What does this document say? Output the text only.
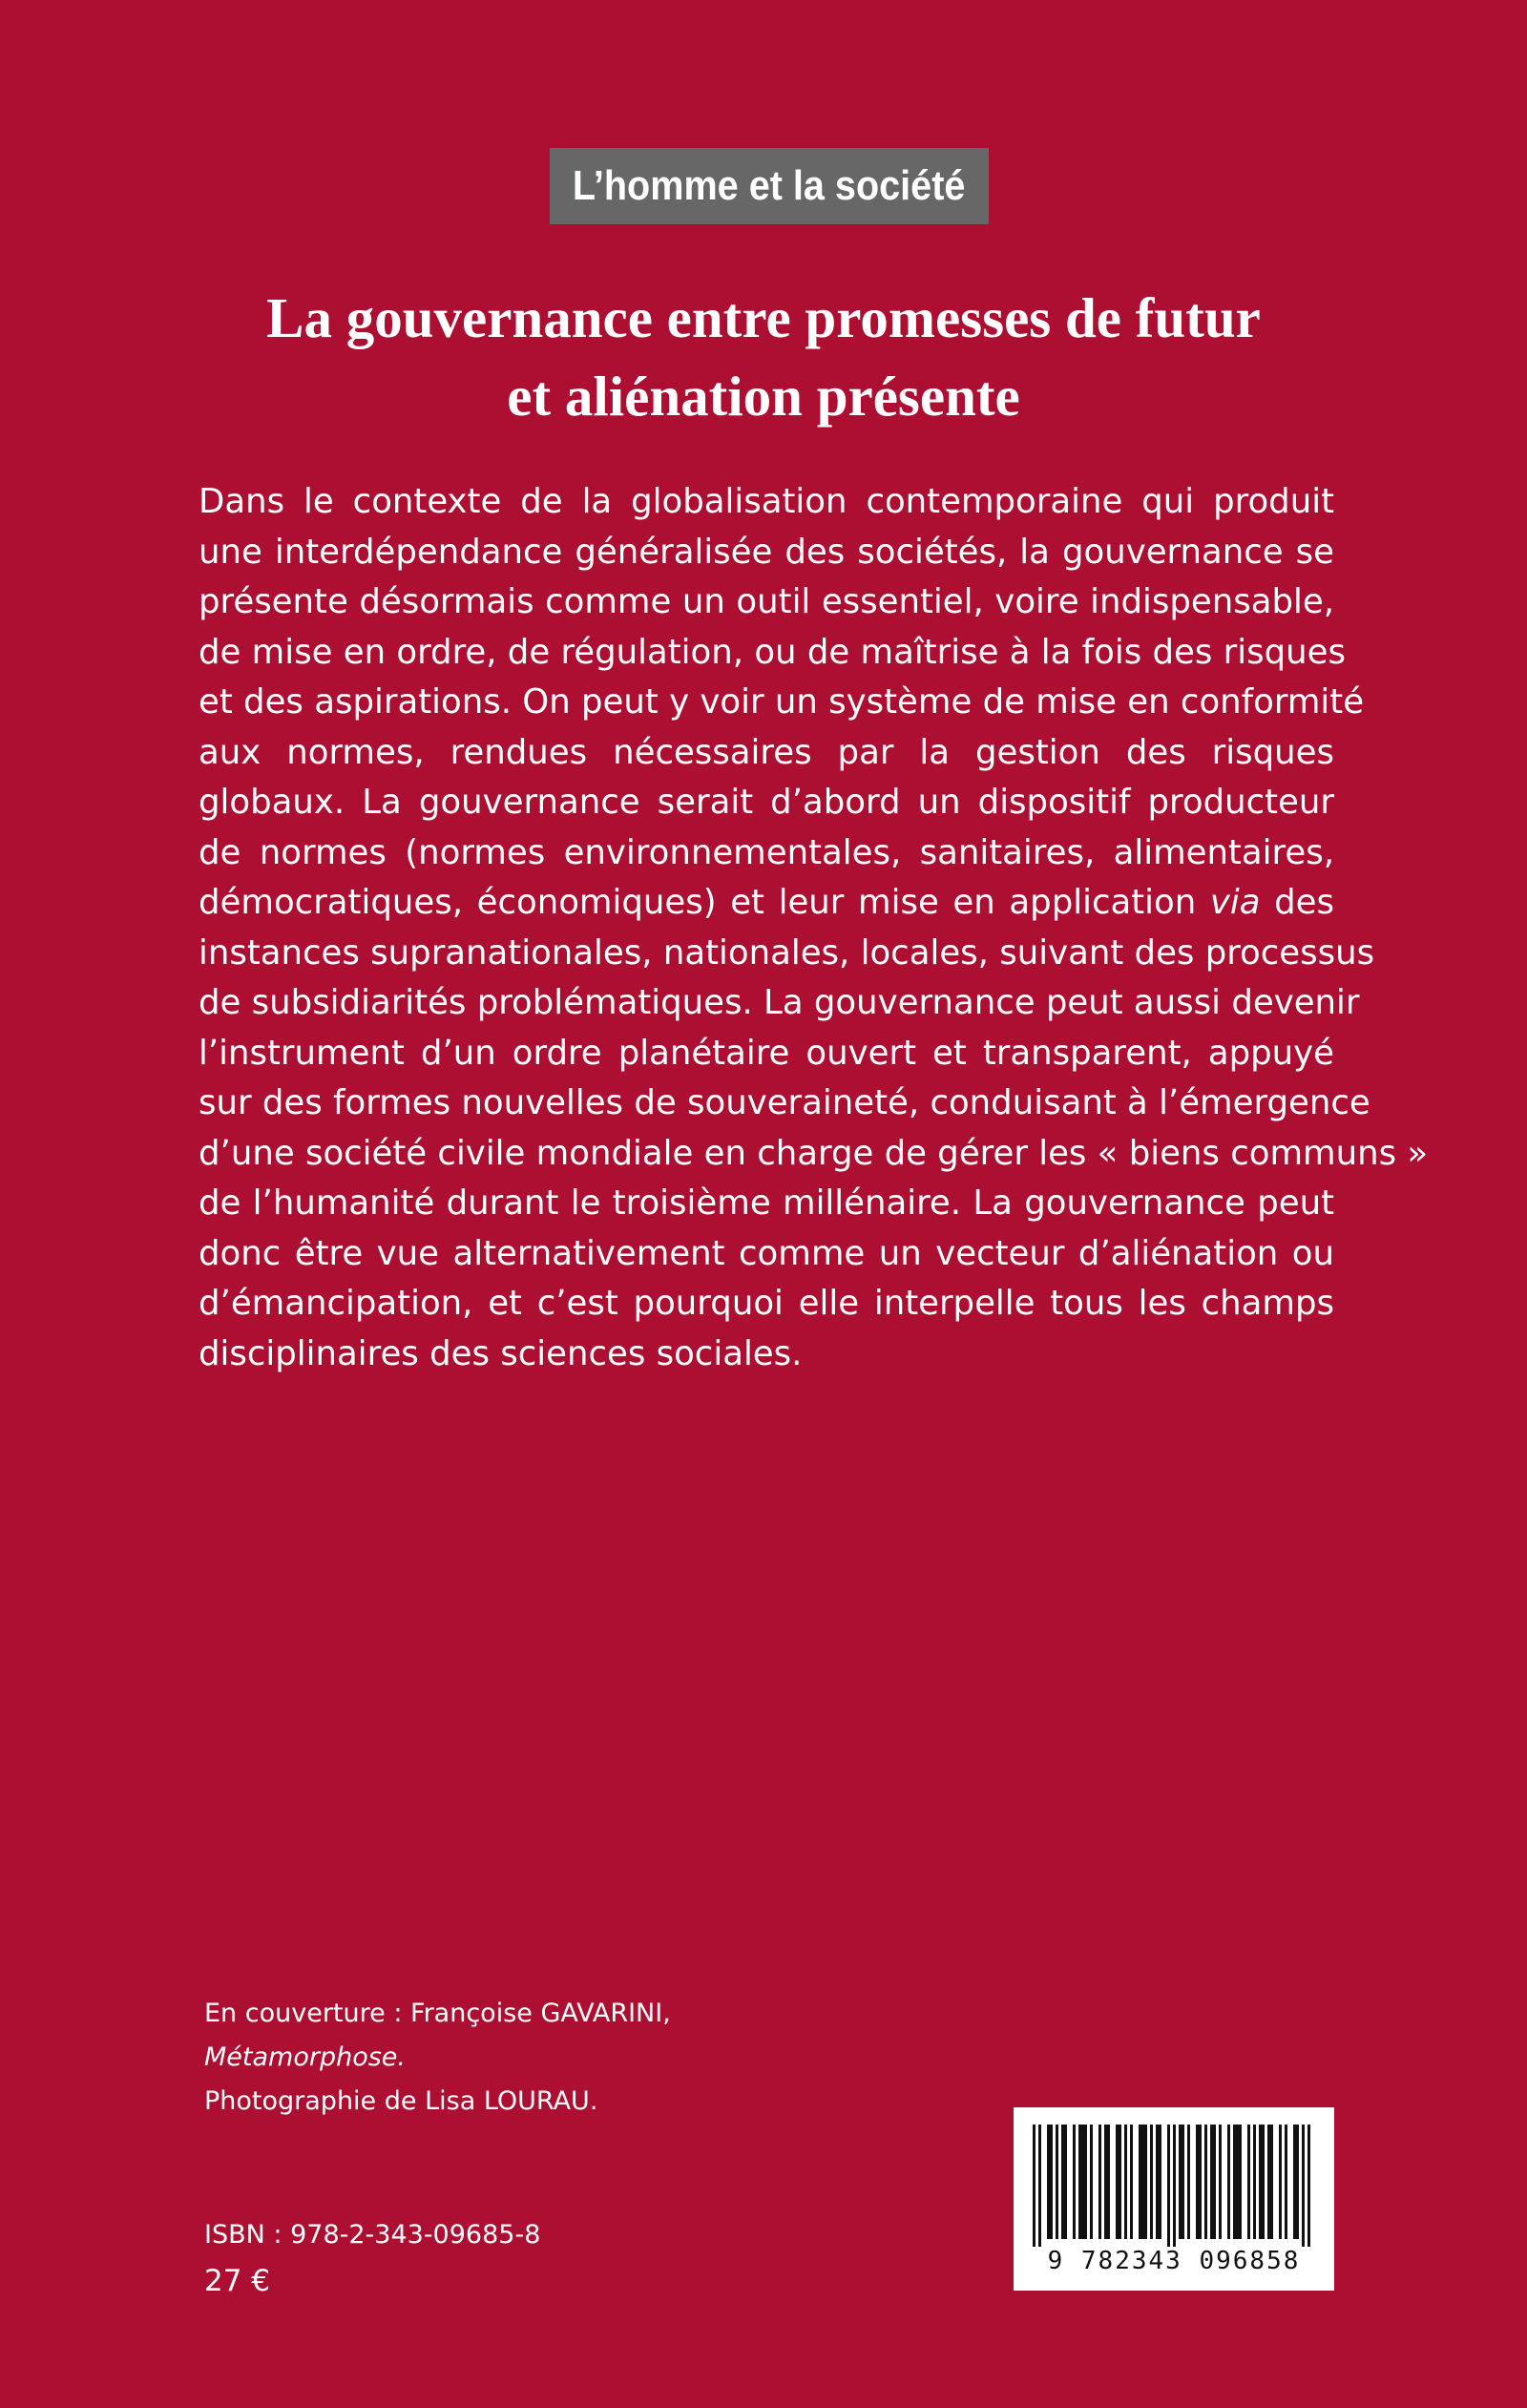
L’homme et la société
La gouvernance entre promesses de futur
et aliénation présente
Dans le contexte de la globalisation contemporaine qui produit
une interdépendance généralisée des sociétés, la gouvernance se
présente désormais comme un outil essentiel, voire indispensable,
de mise en ordre, de régulation, ou de maîtrise à la fois des risques
et des aspirations. On peut y voir un système de mise en conformité
aux normes, rendues nécessaires par la gestion des risques
globaux. La gouvernance serait d’abord un dispositif producteur
de normes (normes environnementales, sanitaires, alimentaires,
démocratiques, économiques) et leur mise en application via des
instances supranationales, nationales, locales, suivant des processus
de subsidiarités problématiques. La gouvernance peut aussi devenir
l’instrument d’un ordre planétaire ouvert et transparent, appuyé
sur des formes nouvelles de souveraineté, conduisant à l’émergence
d’une société civile mondiale en charge de gérer les « biens communs »
de l’humanité durant le troisième millénaire. La gouvernance peut
donc être vue alternativement comme un vecteur d’aliénation ou
d’émancipation, et c’est pourquoi elle interpelle tous les champs
disciplinaires des sciences sociales.
En couverture : Françoise GAVARINI,
Métamorphose.
Photographie de Lisa LOURAU.
ISBN : 978-2-343-09685-8
27 €
9 782343 096858
